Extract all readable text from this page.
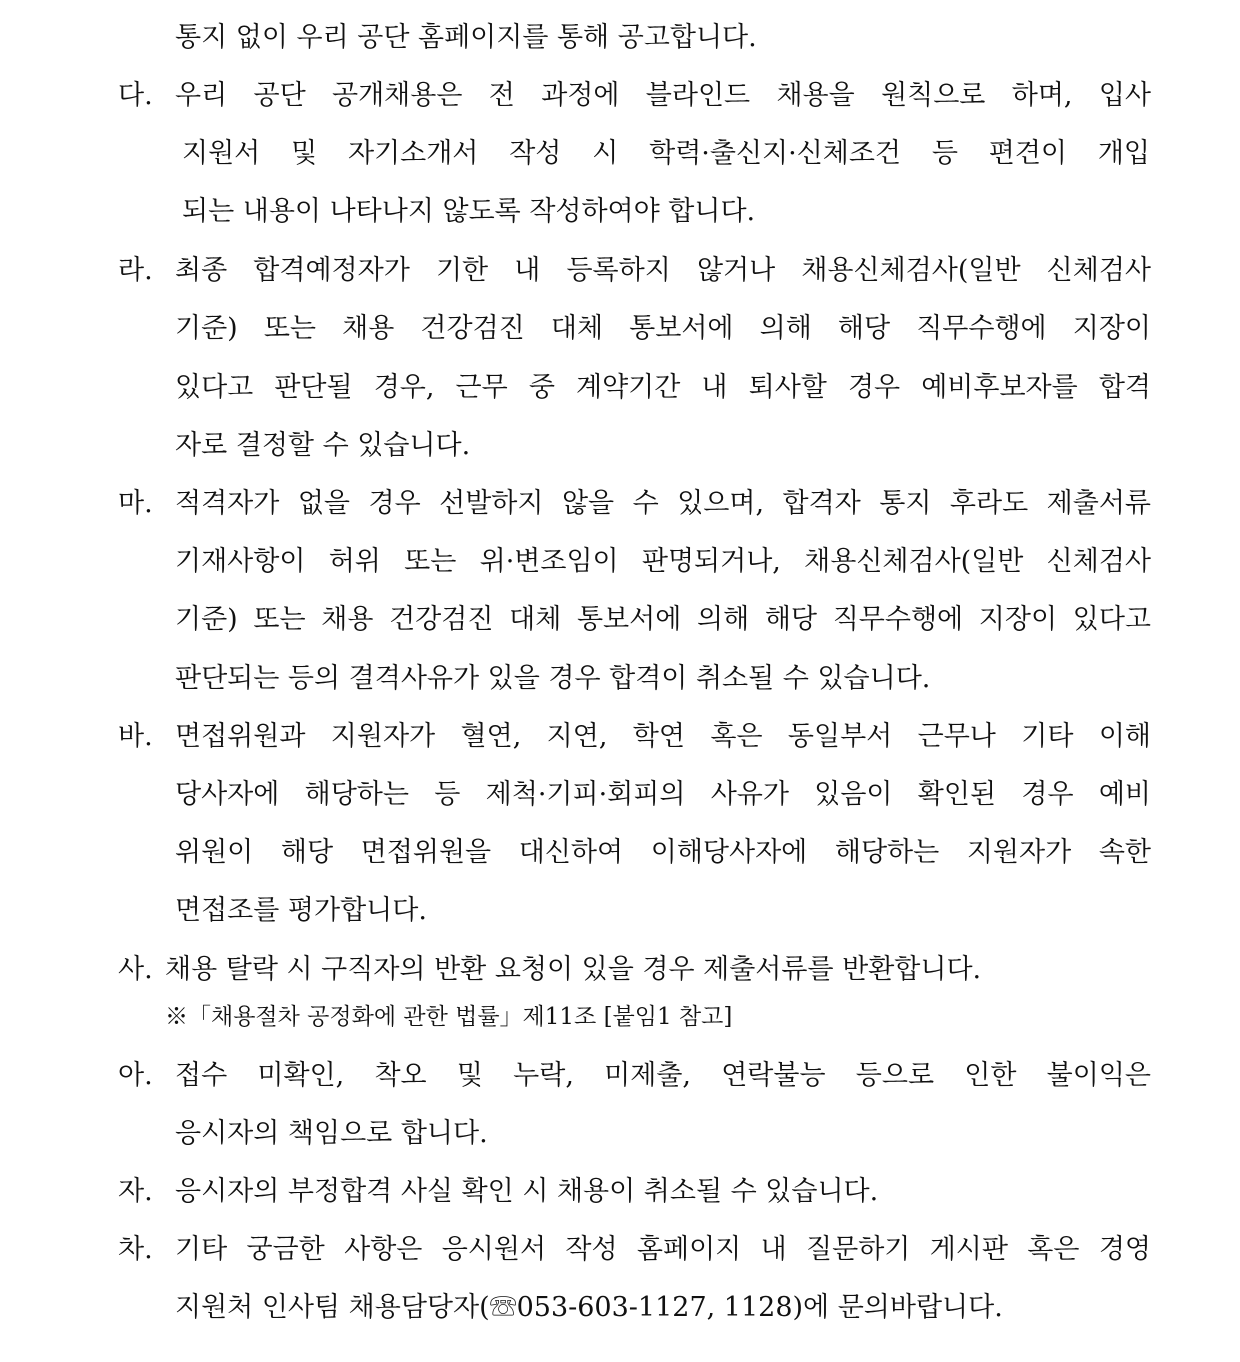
통지 없이 우리 공단 홈페이지를 통해 공고합니다.
다. 우리 공단 공개채용은 전 과정에 블라인드 채용을 원칙으로 하며, 입사
지원서 및 자기소개서 작성 시 학력·출신지·신체조건 등 편견이 개입
되는 내용이 나타나지 않도록 작성하여야 합니다.
라. 최종 합격예정자가 기한 내 등록하지 않거나 채용신체검사(일반 신체검사
기준) 또는 채용 건강검진 대체 통보서에 의해 해당 직무수행에 지장이
있다고 판단될 경우, 근무 중 계약기간 내 퇴사할 경우 예비후보자를 합격
자로 결정할 수 있습니다.
마. 적격자가 없을 경우 선발하지 않을 수 있으며, 합격자 통지 후라도 제출서류
기재사항이 허위 또는 위·변조임이 판명되거나, 채용신체검사(일반 신체검사
기준) 또는 채용 건강검진 대체 통보서에 의해 해당 직무수행에 지장이 있다고
판단되는 등의 결격사유가 있을 경우 합격이 취소될 수 있습니다.
바. 면접위원과 지원자가 혈연, 지연, 학연 혹은 동일부서 근무나 기타 이해
당사자에 해당하는 등 제척·기피·회피의 사유가 있음이 확인된 경우 예비
위원이 해당 면접위원을 대신하여 이해당사자에 해당하는 지원자가 속한
면접조를 평가합니다.
사. 채용 탈락 시 구직자의 반환 요청이 있을 경우 제출서류를 반환합니다.
※「채용절차 공정화에 관한 법률」제11조 [붙임1 참고]
아. 접수 미확인, 착오 및 누락, 미제출, 연락불능 등으로 인한 불이익은
응시자의 책임으로 합니다.
자. 응시자의 부정합격 사실 확인 시 채용이 취소될 수 있습니다.
차. 기타 궁금한 사항은 응시원서 작성 홈페이지 내 질문하기 게시판 혹은 경영
지원처 인사팀 채용담당자(☏053-603-1127, 1128)에 문의바랍니다.
